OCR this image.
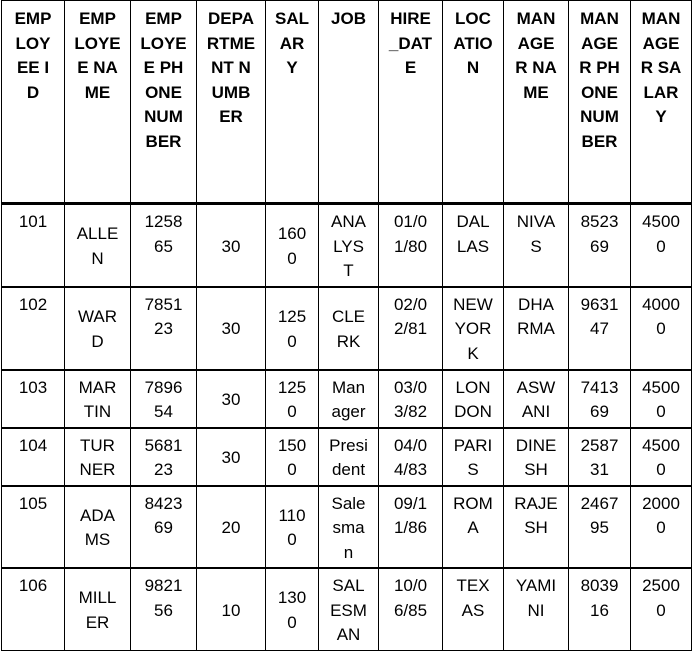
EMPLOYEE ID	EMPLOYEE NAME	EMPLOYEE PHONE NUMBER	DEPARTMENT NUMBER	SALARY	JOB	HIRE_DATE	LOCATION	MANAGER NAME	MANAGER PHONE NUMBER	MANAGER SALARY
101	ALLEN	125865	30	1600	ANALYST	01/01/80	DALLAS	NIVAS	852369	45000
102	WARD	785123	30	1250	CLERK	02/02/81	NEWYORK	DHARMA	963147	40000
103	MARTIN	789654	30	1250	Manager	03/03/82	LONDON	ASWANI	741369	45000
104	TURNER	568123	30	1500	President	04/04/83	PARIS	DINESH	258731	45000
105	ADAMS	842369	20	1100	Salesman	09/11/86	ROMA	RAJESH	246795	20000
106	MILLER	982156	10	1300	SALESMAN	10/06/85	TEXAS	YAMINI	803916	25000
